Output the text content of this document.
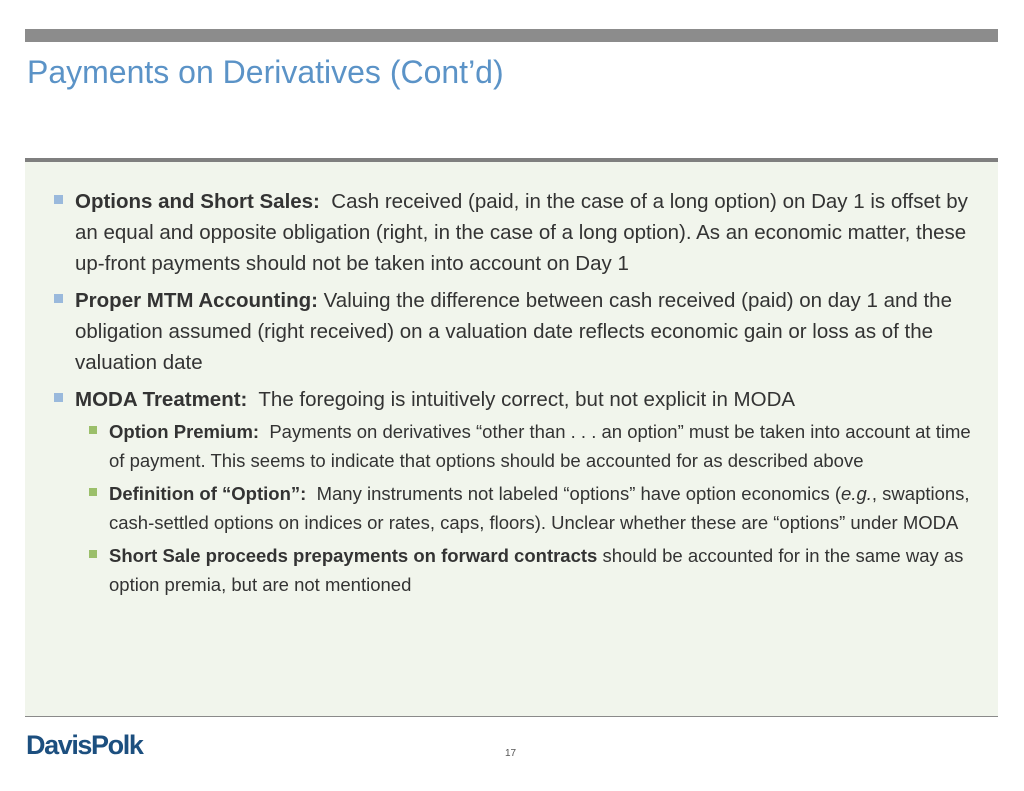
Payments on Derivatives (Cont’d)
Options and Short Sales: Cash received (paid, in the case of a long option) on Day 1 is offset by an equal and opposite obligation (right, in the case of a long option). As an economic matter, these up-front payments should not be taken into account on Day 1
Proper MTM Accounting: Valuing the difference between cash received (paid) on day 1 and the obligation assumed (right received) on a valuation date reflects economic gain or loss as of the valuation date
MODA Treatment: The foregoing is intuitively correct, but not explicit in MODA
Option Premium: Payments on derivatives “other than . . . an option” must be taken into account at time of payment. This seems to indicate that options should be accounted for as described above
Definition of “Option”: Many instruments not labeled “options” have option economics (e.g., swaptions, cash-settled options on indices or rates, caps, floors). Unclear whether these are “options” under MODA
Short Sale proceeds prepayments on forward contracts should be accounted for in the same way as option premia, but are not mentioned
DavisPolk	17
